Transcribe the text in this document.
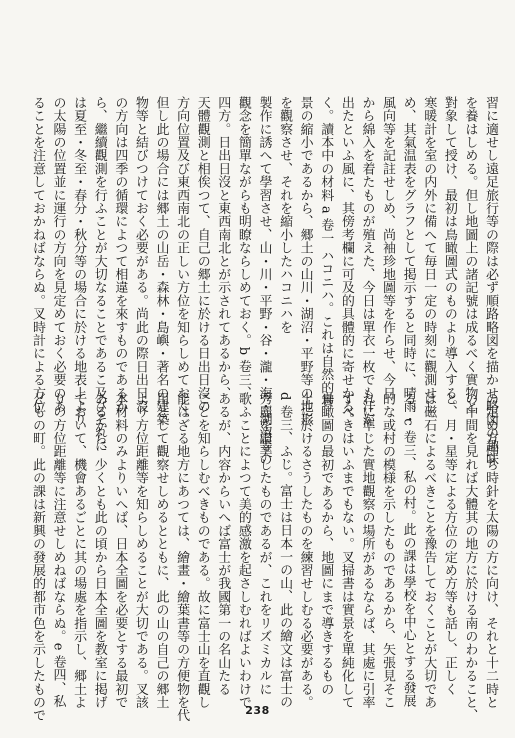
習に適せし遠足旅行等の際は必ず順路略図を描かせ略図の趣味
を養はしめる。但し地圖上の諸記號は成るべく實物と
對象して授け、最初は鳥瞰圖式のものより導入する。
寒暖計を室の内外に備へて毎日一定の時刻に觀測せし
め、其氣温表をグラフとして掲示すると同時に、晴雨・
風向等を記註せしめ、尚袖珍地圖等を作らせ、今日
から綿入を着たものが殖えた、今日は單衣一枚でも汗が
出たといふ風に、其傍考欄に可及的具體的に寄せかる。
く。讀本中の材料 a 卷一 ハコニハ。これは自然的實
景の縮小であるから、郷土の山川・湖沼・平野等の地形
を觀察させ、それを縮小したハコニハを
製作に誘へて學習させ、山・川・平野・谷・瀧・海・湖沼等の
觀念を簡單ながらも明瞭ならしめておく。b 卷三、
四方。日出日沒と東西南北とが示されてあるから、
天體觀測と相俟つて、自己の郷土に於ける日出日沒の
方向位置及び東西南北の正しい方位を知らしめておく。
但し此の場合には郷土の山岳・森林・島嶼・著名の建築
物等と結びつけておく必要がある。尚此の際日出日沒
の方向は四季の循環によつて相違を來すものであるか
ら、繼續觀測を行ふことが大切なることであるこ及びそれに
は夏至・冬至・春分・秋分等の場合に於ける地表上より
の太陽の位置並に運行の方向を見定めておく必要のあ
ることを注意しておかねばならぬ。叉時計による方位
の定め方即ち時針を太陽の方に向け、それと十二時と
の中間を見れば大體其の地方に於ける南のわかること、
と、月・星等による方位の定め方等も話し、正しく
は磁石によるべきことを豫告しておくことが大切であ
る。c 卷三、私の村。此の課は學校を中心とする發展
的な或村の模様を示したものであるから、矢張見そこ
れに準じた實地觀察の場所があるならば、其處に引率
すべきはいふまでもない。叉掃書は實景を單純化して
鳥瞰圖の最初であるから、地圖にまで導きするもの
土に於けるさうしたものを練習せしむる必要がある。
d 卷三、ふじ。富士は日本一の山、此の繪文は富士の
秀麗を讃美したものであるが、これをリズミカルに
歌ふことによつて美的感激を起さしむればよいわけで
あるが、内容からいへば富士が我國第一の名山たる
ことを知らしむべきものである。故に富士山を直觀し
能はざる地方にあつては、繪畫・繪葉書等の方便物を代
用として觀察せしめるとともに、此の山の自己の郷土
より方位距離等を知らしめることが大切である。叉該
本材料のみよりいへば、日本全圖を必要とする最初で
あるから、少くとも此の頃から日本全圖を教室に掲げ
ておいて、機會あるごとに其の場處を指示し、郷土よ
りの方位距離等に注意せしめねばならぬ。e 卷四、私
どもの町。此の課は新興の發展的都市色を示したもので	238
